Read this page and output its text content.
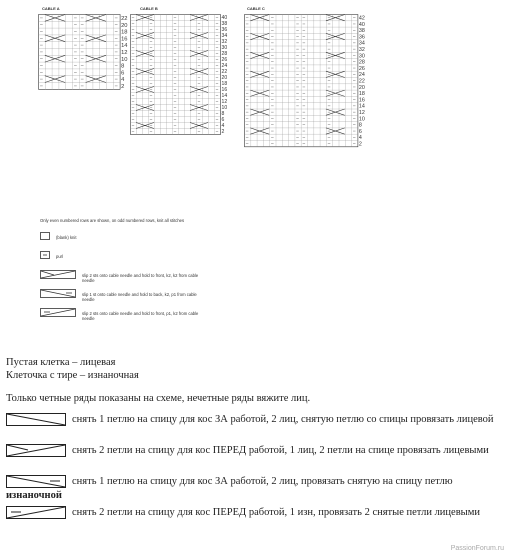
CABLE A	CABLE B	CABLE C
22
20
18
16
14
12
10
8
6
4
2
40
38
36
34
32
30
28
26
24
22
20
18
16
14
12
10
8
6
4
2
42
40
38
36
34
32
30
28
26
24
22
20
18
16
14
12
10
8
6
4
2
Only even numbered rows are shown, on odd numbered rows, knit all stitches
(blank) knit
purl
slip 2 sts onto cable needle and hold to front, k2, k2 from cable needle
slip 1 st onto cable needle and hold to back, k2, p1 from cable needle
slip 2 sts onto cable needle and hold to front, p1, k2 from cable needle
Пустая клетка – лицевая
Клеточка с тире – изнаночная
Только четные ряды показаны на схеме, нечетные ряды вяжите лиц.
снять 1 петлю на спицу для кос ЗА работой, 2 лиц, снятую петлю со спицы провязать лицевой
снять 2 петли на спицу для кос ПЕРЕД работой, 1 лиц, 2 петли на спице провязать лицевыми
снять 1 петлю на спицу для кос ЗА работой, 2 лиц, провязать снятую на спицу петлю
изнаночной
снять 2 петли на спицу для кос ПЕРЕД работой, 1 изн, провязать 2 снятые петли лицевыми
PassionForum.ru
